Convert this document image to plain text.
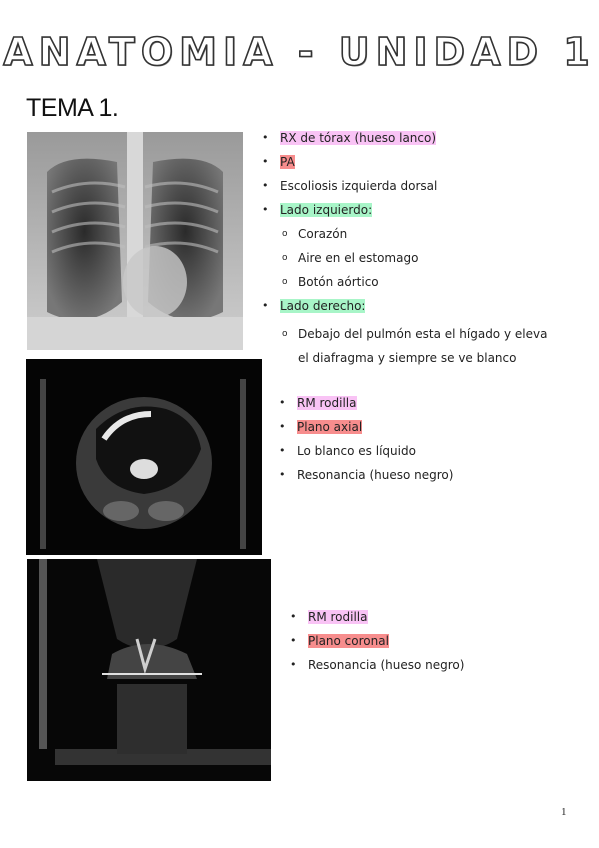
ANATOMIA - UNIDAD 1
TEMA 1.
• RX de tórax (hueso lanco)
• PA
• Escoliosis izquierda dorsal
• Lado izquierdo:
o Corazón
o Aire en el estomago
o Botón aórtico
• Lado derecho:
o Debajo del pulmón esta el hígado y eleva el diafragma y siempre se ve blanco
• RM rodilla
• Plano axial
• Lo blanco es líquido
• Resonancia (hueso negro)
• RM rodilla
• Plano coronal
• Resonancia (hueso negro)
1
